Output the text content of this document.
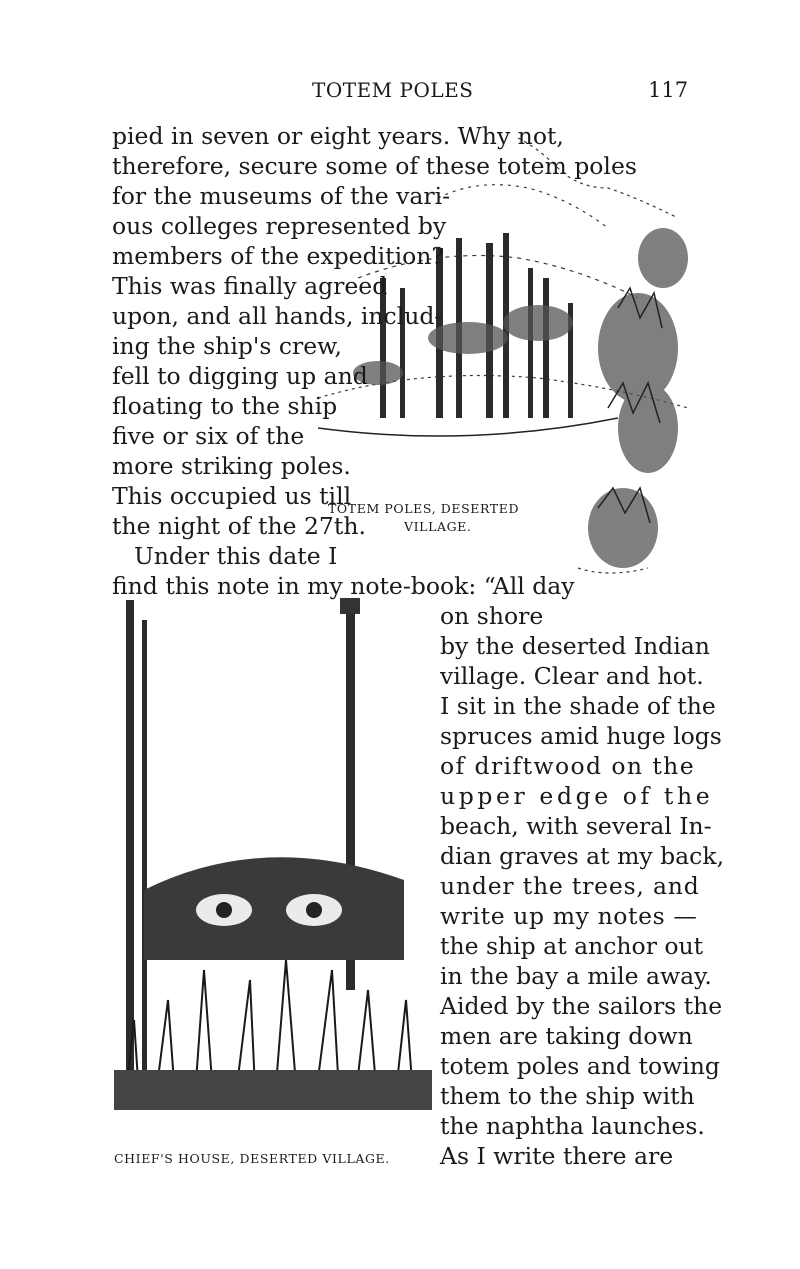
TOTEM POLES	117
TOTEM POLES, DESERTED
VILLAGE.
pied in seven or eight years. Why not,
therefore, secure some of these totem poles
for the museums of the vari-
ous colleges represented by
members of the expedition?
This was finally agreed
upon, and all hands, includ-
ing the ship's crew,
fell to digging up and
floating to the ship
five or six of the
more striking poles.
This occupied us till
the night of the 27th.
Under this date I
find this note in my note-book: “All day
on shore
by the deserted Indian
village. Clear and hot.
I sit in the shade of the
spruces amid huge logs
of driftwood on the
upper edge of the
beach, with several In-
dian graves at my back,
under the trees, and
write up my notes —
the ship at anchor out
in the bay a mile away.
Aided by the sailors the
men are taking down
totem poles and towing
them to the ship with
the naphtha launches.
As I write there are
CHIEF'S HOUSE, DESERTED VILLAGE.
